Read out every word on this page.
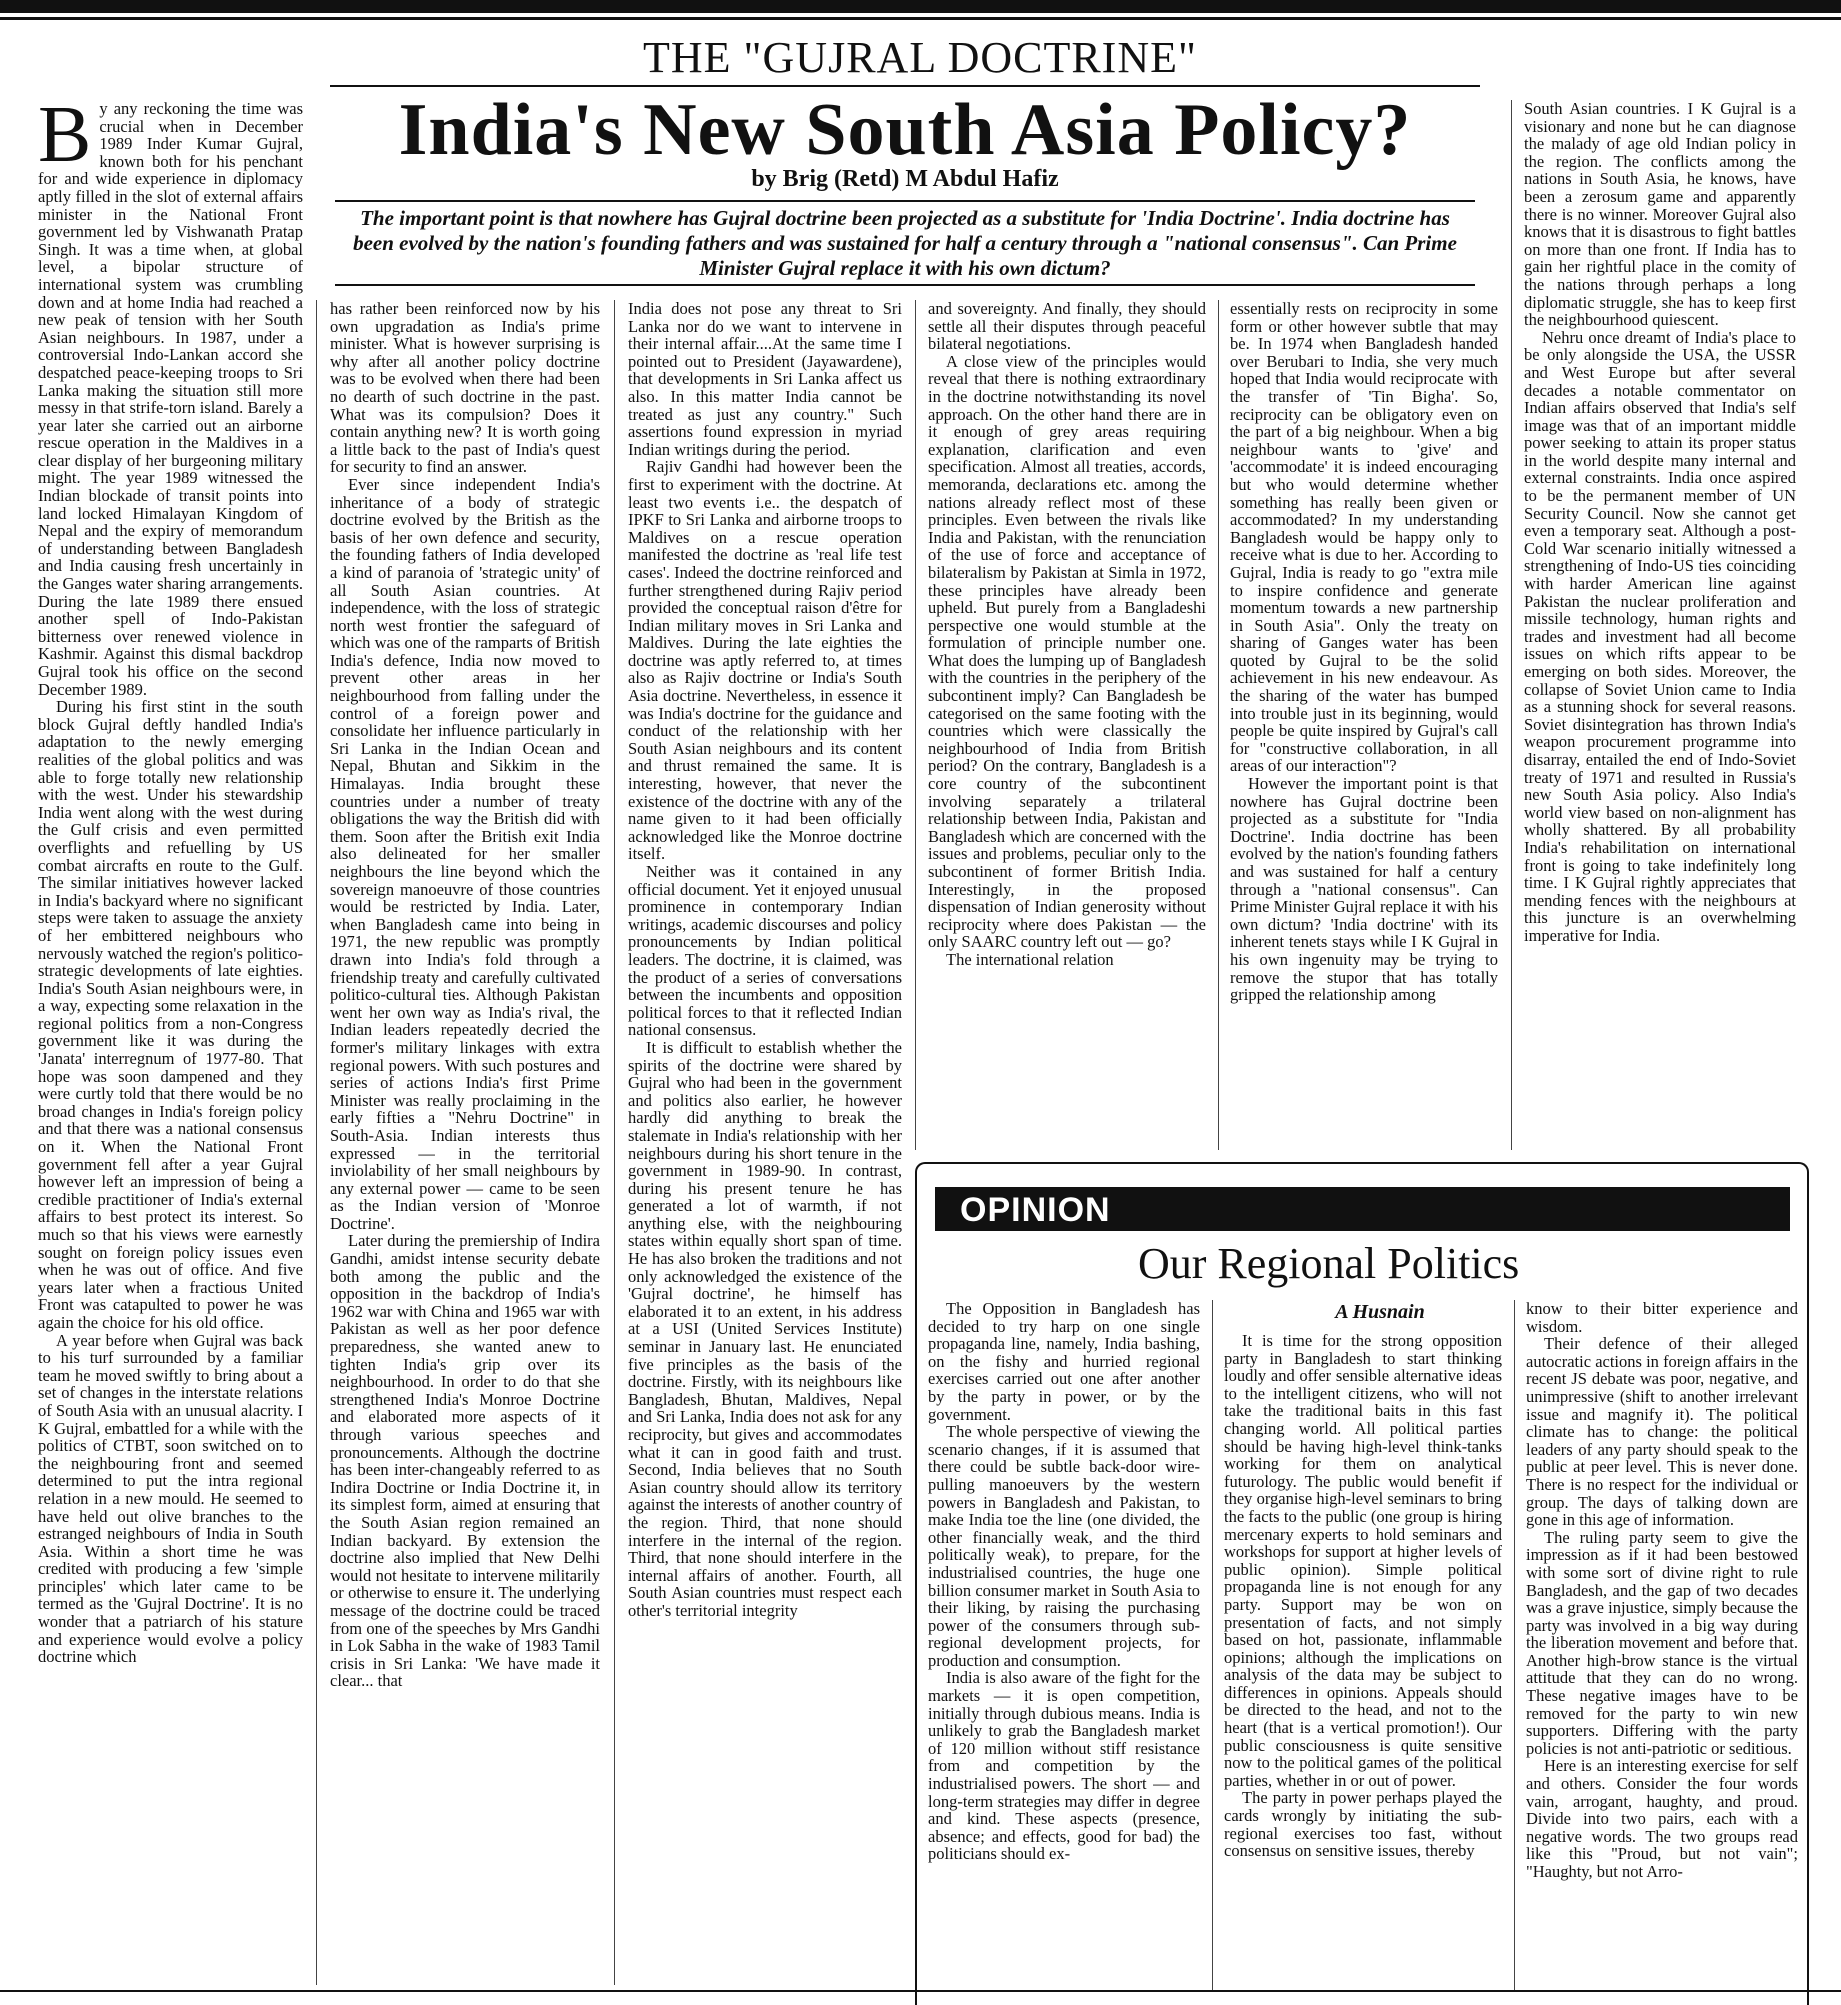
THE "GUJRAL DOCTRINE"
India's New South Asia Policy?
by Brig (Retd) M Abdul Hafiz
The important point is that nowhere has Gujral doctrine been projected as a substitute for 'India Doctrine'. India doctrine has been evolved by the nation's founding fathers and was sustained for half a century through a "national consensus". Can Prime Minister Gujral replace it with his own dictum?
B y any reckoning the time was crucial when in December 1989 Inder Kumar Gujral, known both for his penchant for and wide experience in diplomacy aptly filled in the slot of external affairs minister in the National Front government led by Vishwanath Pratap Singh. It was a time when, at global level, a bipolar structure of international system was crumbling down and at home India had reached a new peak of tension with her South Asian neighbours. In 1987, under a controversial Indo-Lankan accord she despatched peace-keeping troops to Sri Lanka making the situation still more messy in that strife-torn island. Barely a year later she carried out an airborne rescue operation in the Maldives in a clear display of her burgeoning military might. The year 1989 witnessed the Indian blockade of transit points into land locked Himalayan Kingdom of Nepal and the expiry of memorandum of understanding between Bangladesh and India causing fresh uncertainly in the Ganges water sharing arrangements. During the late 1989 there ensued another spell of Indo-Pakistan bitterness over renewed violence in Kashmir. Against this dismal backdrop Gujral took his office on the second December 1989.

During his first stint in the south block Gujral deftly handled India's adaptation to the newly emerging realities of the global politics and was able to forge totally new relationship with the west. Under his stewardship India went along with the west during the Gulf crisis and even permitted overflights and refuelling by US combat aircrafts en route to the Gulf. The similar initiatives however lacked in India's backyard where no significant steps were taken to assuage the anxiety of her embittered neighbours who nervously watched the region's politico-strategic developments of late eighties. India's South Asian neighbours were, in a way, expecting some relaxation in the regional politics from a non-Congress government like it was during the 'Janata' interregnum of 1977-80. That hope was soon dampened and they were curtly told that there would be no broad changes in India's foreign policy and that there was a national consensus on it. When the National Front government fell after a year Gujral however left an impression of being a credible practitioner of India's external affairs to best protect its interest. So much so that his views were earnestly sought on foreign policy issues even when he was out of office. And five years later when a fractious United Front was catapulted to power he was again the choice for his old office.

A year before when Gujral was back to his turf surrounded by a familiar team he moved swiftly to bring about a set of changes in the interstate relations of South Asia with an unusual alacrity. I K Gujral, embattled for a while with the politics of CTBT, soon switched on to the neighbouring front and seemed determined to put the intra regional relation in a new mould. He seemed to have held out olive branches to the estranged neighbours of India in South Asia. Within a short time he was credited with producing a few 'simple principles' which later came to be termed as the 'Gujral Doctrine'. It is no wonder that a patriarch of his stature and experience would evolve a policy doctrine which

has rather been reinforced now by his own upgradation as India's prime minister. What is however surprising is why after all another policy doctrine was to be evolved when there had been no dearth of such doctrine in the past. What was its compulsion? Does it contain anything new? It is worth going a little back to the past of India's quest for security to find an answer.

Ever since independent India's inheritance of a body of strategic doctrine evolved by the British as the basis of her own defence and security, the founding fathers of India developed a kind of paranoia of 'strategic unity' of all South Asian countries. At independence, with the loss of strategic north west frontier the safeguard of which was one of the ramparts of British India's defence, India now moved to prevent other areas in her neighbourhood from falling under the control of a foreign power and consolidate her influence particularly in Sri Lanka in the Indian Ocean and Nepal, Bhutan and Sikkim in the Himalayas. India brought these countries under a number of treaty obligations the way the British did with them. Soon after the British exit India also delineated for her smaller neighbours the line beyond which the sovereign manoeuvre of those countries would be restricted by India. Later, when Bangladesh came into being in 1971, the new republic was promptly drawn into India's fold through a friendship treaty and carefully cultivated politico-cultural ties. Although Pakistan went her own way as India's rival, the Indian leaders repeatedly decried the former's military linkages with extra regional powers. With such postures and series of actions India's first Prime Minister was really proclaiming in the early fifties a "Nehru Doctrine" in South-Asia. Indian interests thus expressed — in the territorial inviolability of her small neighbours by any external power — came to be seen as the Indian version of 'Monroe Doctrine'.

Later during the premiership of Indira Gandhi, amidst intense security debate both among the public and the opposition in the backdrop of India's 1962 war with China and 1965 war with Pakistan as well as her poor defence preparedness, she wanted anew to tighten India's grip over its neighbourhood. In order to do that she strengthened India's Monroe Doctrine and elaborated more aspects of it through various speeches and pronouncements. Although the doctrine has been inter-changeably referred to as Indira Doctrine or India Doctrine it, in its simplest form, aimed at ensuring that the South Asian region remained an Indian backyard. By extension the doctrine also implied that New Delhi would not hesitate to intervene militarily or otherwise to ensure it. The underlying message of the doctrine could be traced from one of the speeches by Mrs Gandhi in Lok Sabha in the wake of 1983 Tamil crisis in Sri Lanka: 'We have made it clear... that

India does not pose any threat to Sri Lanka nor do we want to intervene in their internal affair....At the same time I pointed out to President (Jayawardene), that developments in Sri Lanka affect us also. In this matter India cannot be treated as just any country." Such assertions found expression in myriad Indian writings during the period.

Rajiv Gandhi had however been the first to experiment with the doctrine. At least two events i.e.. the despatch of IPKF to Sri Lanka and airborne troops to Maldives on a rescue operation manifested the doctrine as 'real life test cases'. Indeed the doctrine reinforced and further strengthened during Rajiv period provided the conceptual raison d'être for Indian military moves in Sri Lanka and Maldives. During the late eighties the doctrine was aptly referred to, at times also as Rajiv doctrine or India's South Asia doctrine. Nevertheless, in essence it was India's doctrine for the guidance and conduct of the relationship with her South Asian neighbours and its content and thrust remained the same. It is interesting, however, that never the existence of the doctrine with any of the name given to it had been officially acknowledged like the Monroe doctrine itself.

Neither was it contained in any official document. Yet it enjoyed unusual prominence in contemporary Indian writings, academic discourses and policy pronouncements by Indian political leaders. The doctrine, it is claimed, was the product of a series of conversations between the incumbents and opposition political forces to that it reflected Indian national consensus.

It is difficult to establish whether the spirits of the doctrine were shared by Gujral who had been in the government and politics also earlier, he however hardly did anything to break the stalemate in India's relationship with her neighbours during his short tenure in the government in 1989-90. In contrast, during his present tenure he has generated a lot of warmth, if not anything else, with the neighbouring states within equally short span of time. He has also broken the traditions and not only acknowledged the existence of the 'Gujral doctrine', he himself has elaborated it to an extent, in his address at a USI (United Services Institute) seminar in January last. He enunciated five principles as the basis of the doctrine. Firstly, with its neighbours like Bangladesh, Bhutan, Maldives, Nepal and Sri Lanka, India does not ask for any reciprocity, but gives and accommodates what it can in good faith and trust. Second, India believes that no South Asian country should allow its territory against the interests of another country of the region. Third, that none should interfere in the internal of the region. Third, that none should interfere in the internal affairs of another. Fourth, all South Asian countries must respect each other's territorial integrity

and sovereignty. And finally, they should settle all their disputes through peaceful bilateral negotiations.

A close view of the principles would reveal that there is nothing extraordinary in the doctrine notwithstanding its novel approach. On the other hand there are in it enough of grey areas requiring explanation, clarification and even specification. Almost all treaties, accords, memoranda, declarations etc. among the nations already reflect most of these principles. Even between the rivals like India and Pakistan, with the renunciation of the use of force and acceptance of bilateralism by Pakistan at Simla in 1972, these principles have already been upheld. But purely from a Bangladeshi perspective one would stumble at the formulation of principle number one. What does the lumping up of Bangladesh with the countries in the periphery of the subcontinent imply? Can Bangladesh be categorised on the same footing with the countries which were classically the neighbourhood of India from British period? On the contrary, Bangladesh is a core country of the subcontinent involving separately a trilateral relationship between India, Pakistan and Bangladesh which are concerned with the issues and problems, peculiar only to the subcontinent of former British India. Interestingly, in the proposed dispensation of Indian generosity without reciprocity where does Pakistan — the only SAARC country left out — go?

The international relation

essentially rests on reciprocity in some form or other however subtle that may be. In 1974 when Bangladesh handed over Berubari to India, she very much hoped that India would reciprocate with the transfer of 'Tin Bigha'. So, reciprocity can be obligatory even on the part of a big neighbour. When a big neighbour wants to 'give' and 'accommodate' it is indeed encouraging but who would determine whether something has really been given or accommodated? In my understanding Bangladesh would be happy only to receive what is due to her. According to Gujral, India is ready to go "extra mile to inspire confidence and generate momentum towards a new partnership in South Asia". Only the treaty on sharing of Ganges water has been quoted by Gujral to be the solid achievement in his new endeavour. As the sharing of the water has bumped into trouble just in its beginning, would people be quite inspired by Gujral's call for "constructive collaboration, in all areas of our interaction"?

However the important point is that nowhere has Gujral doctrine been projected as a substitute for "India Doctrine'. India doctrine has been evolved by the nation's founding fathers and was sustained for half a century through a "national consensus". Can Prime Minister Gujral replace it with his own dictum? 'India doctrine' with its inherent tenets stays while I K Gujral in his own ingenuity may be trying to remove the stupor that has totally gripped the relationship among

South Asian countries. I K Gujral is a visionary and none but he can diagnose the malady of age old Indian policy in the region. The conflicts among the nations in South Asia, he knows, have been a zerosum game and apparently there is no winner. Moreover Gujral also knows that it is disastrous to fight battles on more than one front. If India has to gain her rightful place in the comity of the nations through perhaps a long diplomatic struggle, she has to keep first the neighbourhood quiescent.

Nehru once dreamt of India's place to be only alongside the USA, the USSR and West Europe but after several decades a notable commentator on Indian affairs observed that India's self image was that of an important middle power seeking to attain its proper status in the world despite many internal and external constraints. India once aspired to be the permanent member of UN Security Council. Now she cannot get even a temporary seat. Although a post-Cold War scenario initially witnessed a strengthening of Indo-US ties coinciding with harder American line against Pakistan the nuclear proliferation and missile technology, human rights and trades and investment had all become issues on which rifts appear to be emerging on both sides. Moreover, the collapse of Soviet Union came to India as a stunning shock for several reasons. Soviet disintegration has thrown India's weapon procurement programme into disarray, entailed the end of Indo-Soviet treaty of 1971 and resulted in Russia's new South Asia policy. Also India's world view based on non-alignment has wholly shattered. By all probability India's rehabilitation on international front is going to take indefinitely long time. I K Gujral rightly appreciates that mending fences with the neighbours at this juncture is an overwhelming imperative for India.

OPINION
Our Regional Politics
A Husnain

The Opposition in Bangladesh has decided to try harp on one single propaganda line, namely, India bashing, on the fishy and hurried regional exercises carried out one after another by the party in power, or by the government.

The whole perspective of viewing the scenario changes, if it is assumed that there could be subtle back-door wire-pulling manoeuvers by the western powers in Bangladesh and Pakistan, to make India toe the line (one divided, the other financially weak, and the third politically weak), to prepare, for the industrialised countries, the huge one billion consumer market in South Asia to their liking, by raising the purchasing power of the consumers through sub-regional development projects, for production and consumption.

India is also aware of the fight for the markets — it is open competition, initially through dubious means. India is unlikely to grab the Bangladesh market of 120 million without stiff resistance from and competition by the industrialised powers. The short — and long-term strategies may differ in degree and kind. These aspects (presence, absence; and effects, good for bad) the politicians should ex-

It is time for the strong opposition party in Bangladesh to start thinking loudly and offer sensible alternative ideas to the intelligent citizens, who will not take the traditional baits in this fast changing world. All political parties should be having high-level think-tanks working for them on analytical futurology. The public would benefit if they organise high-level seminars to bring the facts to the public (one group is hiring mercenary experts to hold seminars and workshops for support at higher levels of public opinion). Simple political propaganda line is not enough for any party. Support may be won on presentation of facts, and not simply based on hot, passionate, inflammable opinions; although the implications on analysis of the data may be subject to differences in opinions. Appeals should be directed to the head, and not to the heart (that is a vertical promotion!). Our public consciousness is quite sensitive now to the political games of the political parties, whether in or out of power.

The party in power perhaps played the cards wrongly by initiating the sub-regional exercises too fast, without consensus on sensitive issues, thereby

know to their bitter experience and wisdom.

Their defence of their alleged autocratic actions in foreign affairs in the recent JS debate was poor, negative, and unimpressive (shift to another irrelevant issue and magnify it). The political climate has to change: the political leaders of any party should speak to the public at peer level. This is never done. There is no respect for the individual or group. The days of talking down are gone in this age of information.

The ruling party seem to give the impression as if it had been bestowed with some sort of divine right to rule Bangladesh, and the gap of two decades was a grave injustice, simply because the party was involved in a big way during the liberation movement and before that. Another high-brow stance is the virtual attitude that they can do no wrong. These negative images have to be removed for the party to win new supporters. Differing with the party policies is not anti-patriotic or seditious.

Here is an interesting exercise for self and others. Consider the four words vain, arrogant, haughty, and proud. Divide into two pairs, each with a negative words. The two groups read like this "Proud, but not vain"; "Haughty, but not Arro-
